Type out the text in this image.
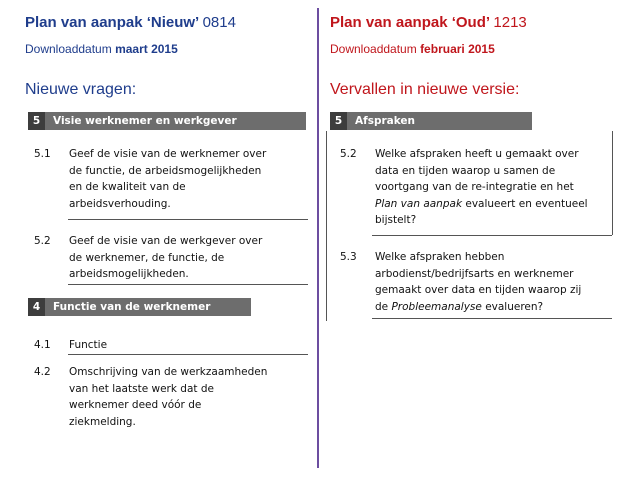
Plan van aanpak ‘Nieuw’ 0814
Downloaddatum maart 2015
Nieuwe vragen:
Plan van aanpak ‘Oud’ 1213
Downloaddatum februari 2015
Vervallen in nieuwe versie:
5 Visie werknemer en werkgever
5.1 Geef de visie van de werknemer over
de functie, de arbeidsmogelijkheden
en de kwaliteit van de
arbeidsverhouding.
5.2 Geef de visie van de werkgever over
de werknemer, de functie, de
arbeidsmogelijkheden.
4 Functie van de werknemer
4.1 Functie
4.2 Omschrijving van de werkzaamheden
van het laatste werk dat de
werknemer deed vóór de
ziekmelding.
5 Afspraken
5.2 Welke afspraken heeft u gemaakt over
data en tijden waarop u samen de
voortgang van de re-integratie en het
Plan van aanpak evalueert en eventueel
bijstelt?
5.3 Welke afspraken hebben
arbodienst/bedrijfsarts en werknemer
gemaakt over data en tijden waarop zij
de Probleemanalyse evalueren?
